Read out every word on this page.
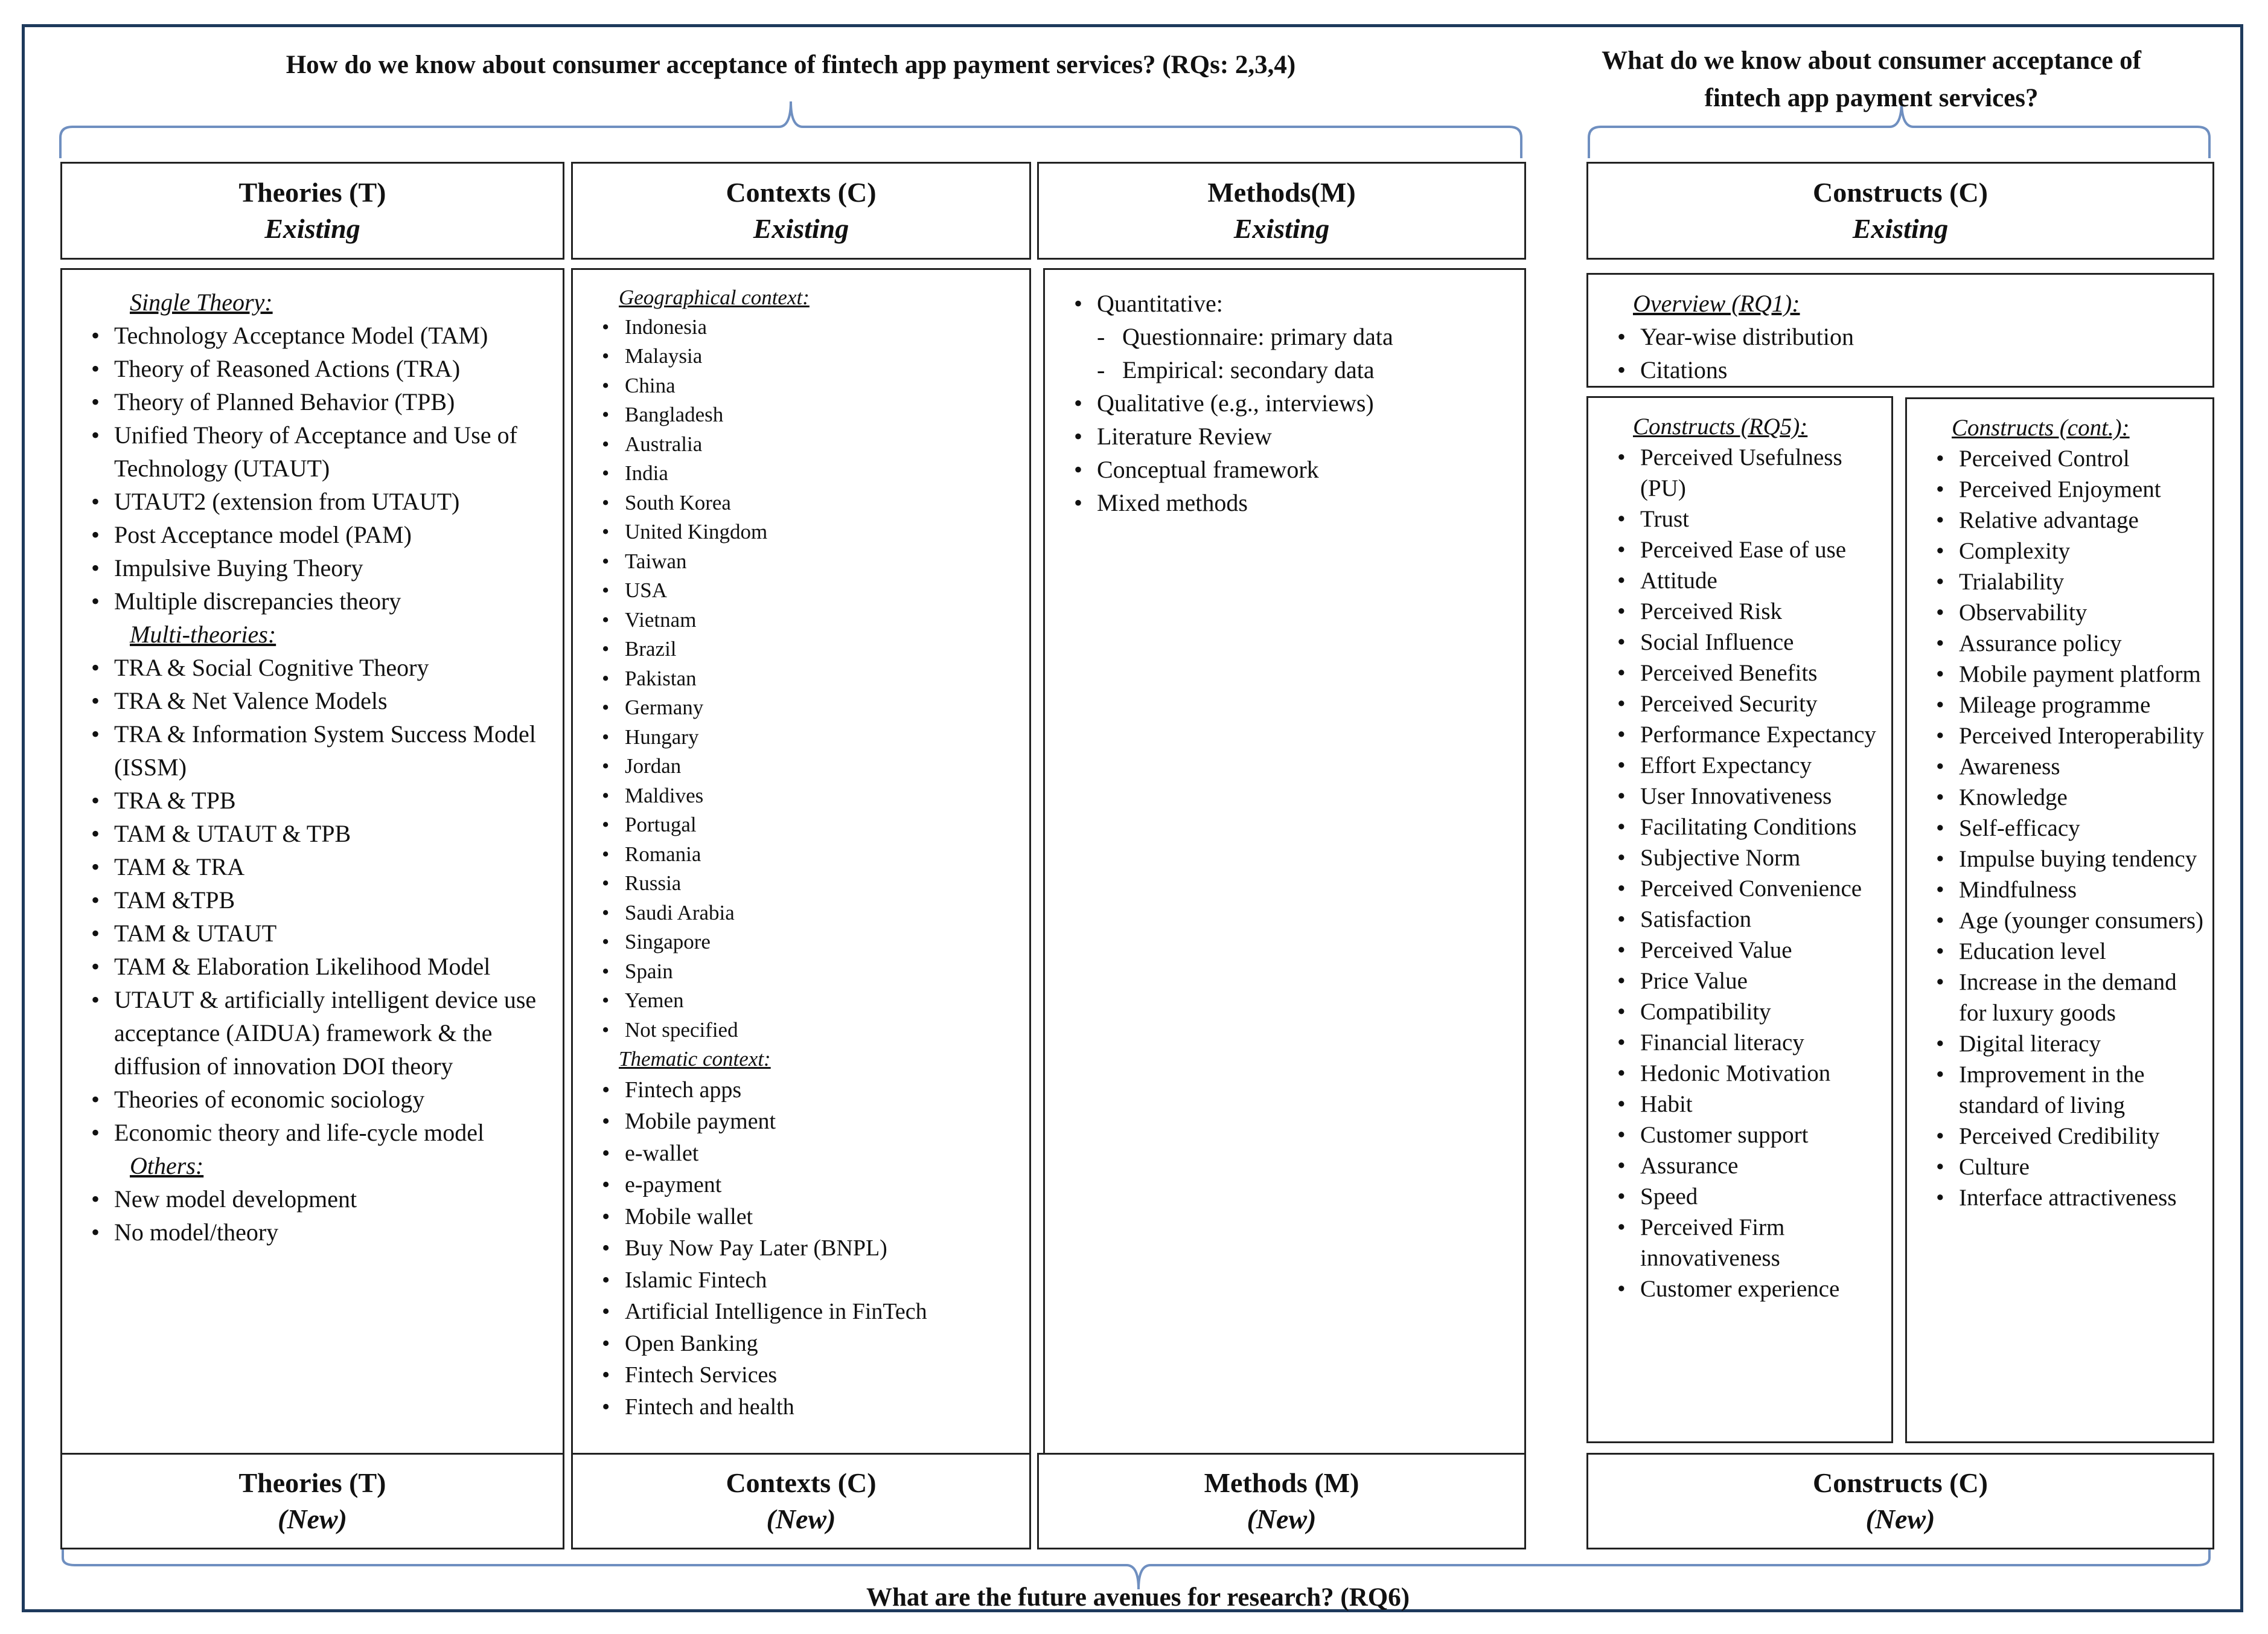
How do we know about consumer acceptance of fintech app payment services? (RQs: 2,3,4)	What do we know about consumer acceptance of
fintech app payment services?
What are the future avenues for research? (RQ6)
Theories (T)
Existing
Contexts (C)
Existing
Methods(M)
Existing
Constructs (C)
Existing
Single Theory:
• Technology Acceptance Model (TAM)
• Theory of Reasoned Actions (TRA)
• Theory of Planned Behavior (TPB)
• Unified Theory of Acceptance and Use of Technology (UTAUT)
• UTAUT2 (extension from UTAUT)
• Post Acceptance model (PAM)
• Impulsive Buying Theory
• Multiple discrepancies theory
Multi-theories:
• TRA & Social Cognitive Theory
• TRA & Net Valence Models
• TRA & Information System Success Model (ISSM)
• TRA & TPB
• TAM & UTAUT & TPB
• TAM & TRA
• TAM &TPB
• TAM & UTAUT
• TAM & Elaboration Likelihood Model
• UTAUT & artificially intelligent device use acceptance (AIDUA) framework & the diffusion of innovation DOI theory
• Theories of economic sociology
• Economic theory and life-cycle model
Others:
• New model development
• No model/theory
Geographical context:
• Indonesia
• Malaysia
• China
• Bangladesh
• Australia
• India
• South Korea
• United Kingdom
• Taiwan
• USA
• Vietnam
• Brazil
• Pakistan
• Germany
• Hungary
• Jordan
• Maldives
• Portugal
• Romania
• Russia
• Saudi Arabia
• Singapore
• Spain
• Yemen
• Not specified
Thematic context:
• Fintech apps
• Mobile payment
• e-wallet
• e-payment
• Mobile wallet
• Buy Now Pay Later (BNPL)
• Islamic Fintech
• Artificial Intelligence in FinTech
• Open Banking
• Fintech Services
• Fintech and health
• Quantitative:
- Questionnaire: primary data
- Empirical: secondary data
• Qualitative (e.g., interviews)
• Literature Review
• Conceptual framework
• Mixed methods
Overview (RQ1):
• Year-wise distribution
• Citations
Constructs (RQ5):
• Perceived Usefulness (PU)
• Trust
• Perceived Ease of use
• Attitude
• Perceived Risk
• Social Influence
• Perceived Benefits
• Perceived Security
• Performance Expectancy
• Effort Expectancy
• User Innovativeness
• Facilitating Conditions
• Subjective Norm
• Perceived Convenience
• Satisfaction
• Perceived Value
• Price Value
• Compatibility
• Financial literacy
• Hedonic Motivation
• Habit
• Customer support
• Assurance
• Speed
• Perceived Firm innovativeness
• Customer experience
Constructs (cont.):
• Perceived Control
• Perceived Enjoyment
• Relative advantage
• Complexity
• Trialability
• Observability
• Assurance policy
• Mobile payment platform
• Mileage programme
• Perceived Interoperability
• Awareness
• Knowledge
• Self-efficacy
• Impulse buying tendency
• Mindfulness
• Age (younger consumers)
• Education level
• Increase in the demand for luxury goods
• Digital literacy
• Improvement in the standard of living
• Perceived Credibility
• Culture
• Interface attractiveness
Theories (T)
(New)
Contexts (C)
(New)
Methods (M)
(New)
Constructs (C)
(New)
